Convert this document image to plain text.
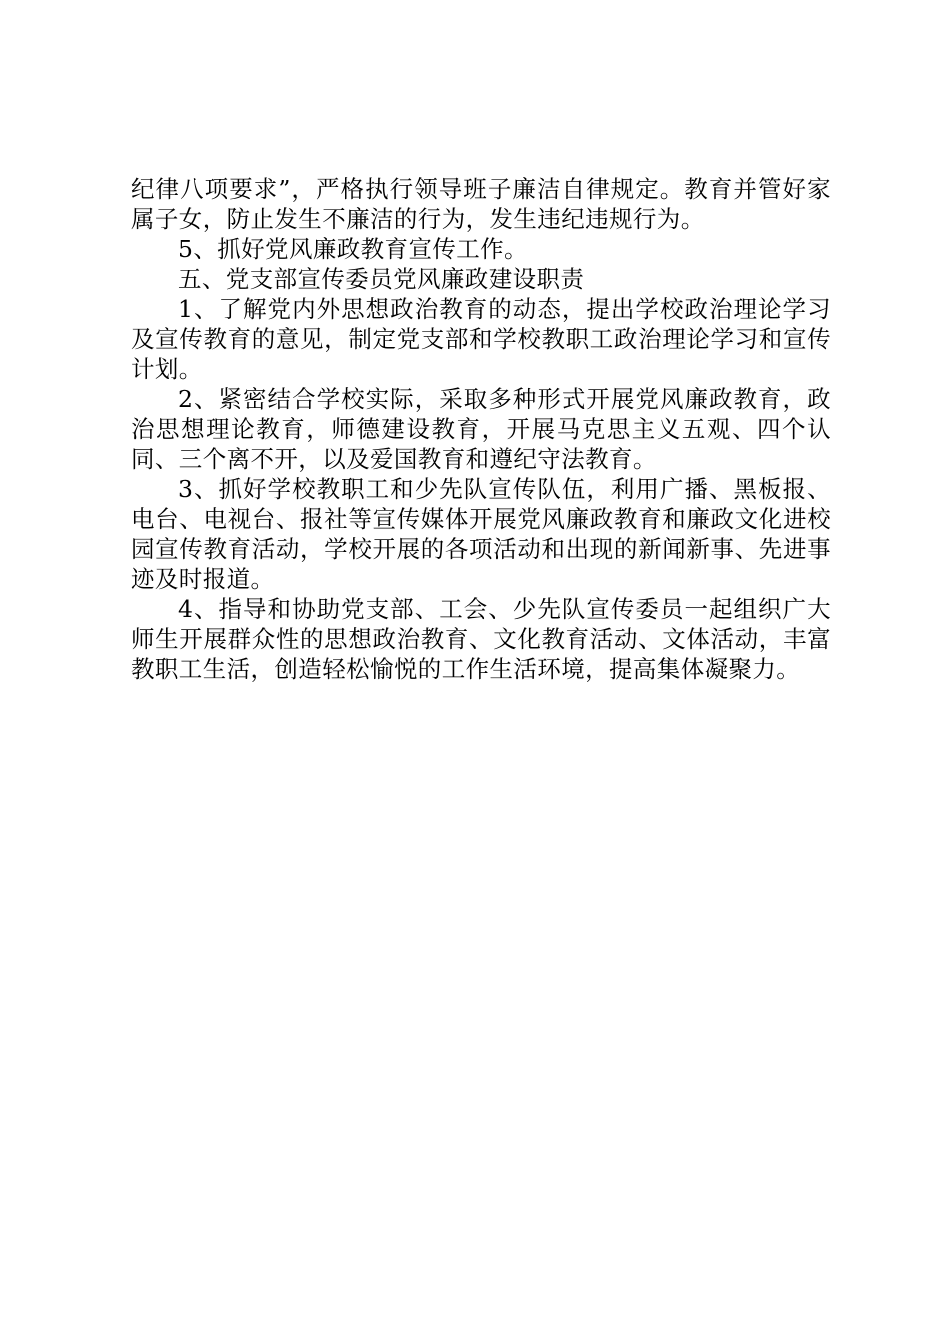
纪律八项要求”，严格执行领导班子廉洁自律规定。教育并管好家属子女，防止发生不廉洁的行为，发生违纪违规行为。

5、抓好党风廉政教育宣传工作。

五、党支部宣传委员党风廉政建设职责

1、了解党内外思想政治教育的动态，提出学校政治理论学习及宣传教育的意见，制定党支部和学校教职工政治理论学习和宣传计划。

2、紧密结合学校实际，采取多种形式开展党风廉政教育，政治思想理论教育，师德建设教育，开展马克思主义五观、四个认同、三个离不开，以及爱国教育和遵纪守法教育。

3、抓好学校教职工和少先队宣传队伍，利用广播、黑板报、电台、电视台、报社等宣传媒体开展党风廉政教育和廉政文化进校园宣传教育活动，学校开展的各项活动和出现的新闻新事、先进事迹及时报道。

4、指导和协助党支部、工会、少先队宣传委员一起组织广大师生开展群众性的思想政治教育、文化教育活动、文体活动，丰富教职工生活，创造轻松愉悦的工作生活环境，提高集体凝聚力。
